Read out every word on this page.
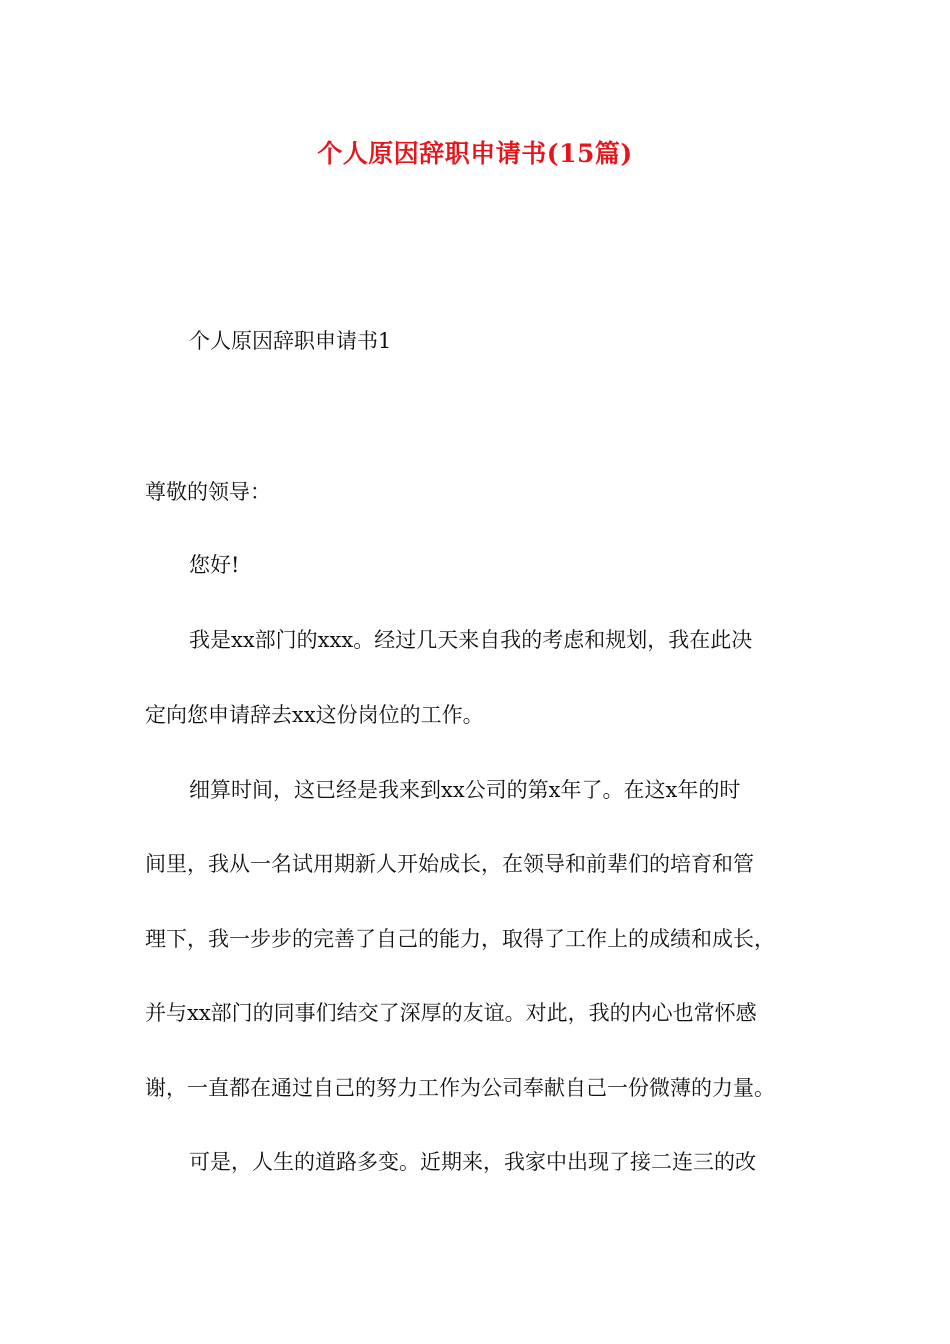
个人原因辞职申请书(15篇)
个人原因辞职申请书1
尊敬的领导：
您好!
我是xx部门的xxx。经过几天来自我的考虑和规划，我在此决
定向您申请辞去xx这份岗位的工作。
细算时间，这已经是我来到xx公司的第x年了。在这x年的时
间里，我从一名试用期新人开始成长，在领导和前辈们的培育和管
理下，我一步步的完善了自己的能力，取得了工作上的成绩和成长，
并与xx部门的同事们结交了深厚的友谊。对此，我的内心也常怀感
谢，一直都在通过自己的努力工作为公司奉献自己一份微薄的力量。
可是，人生的道路多变。近期来，我家中出现了接二连三的改
